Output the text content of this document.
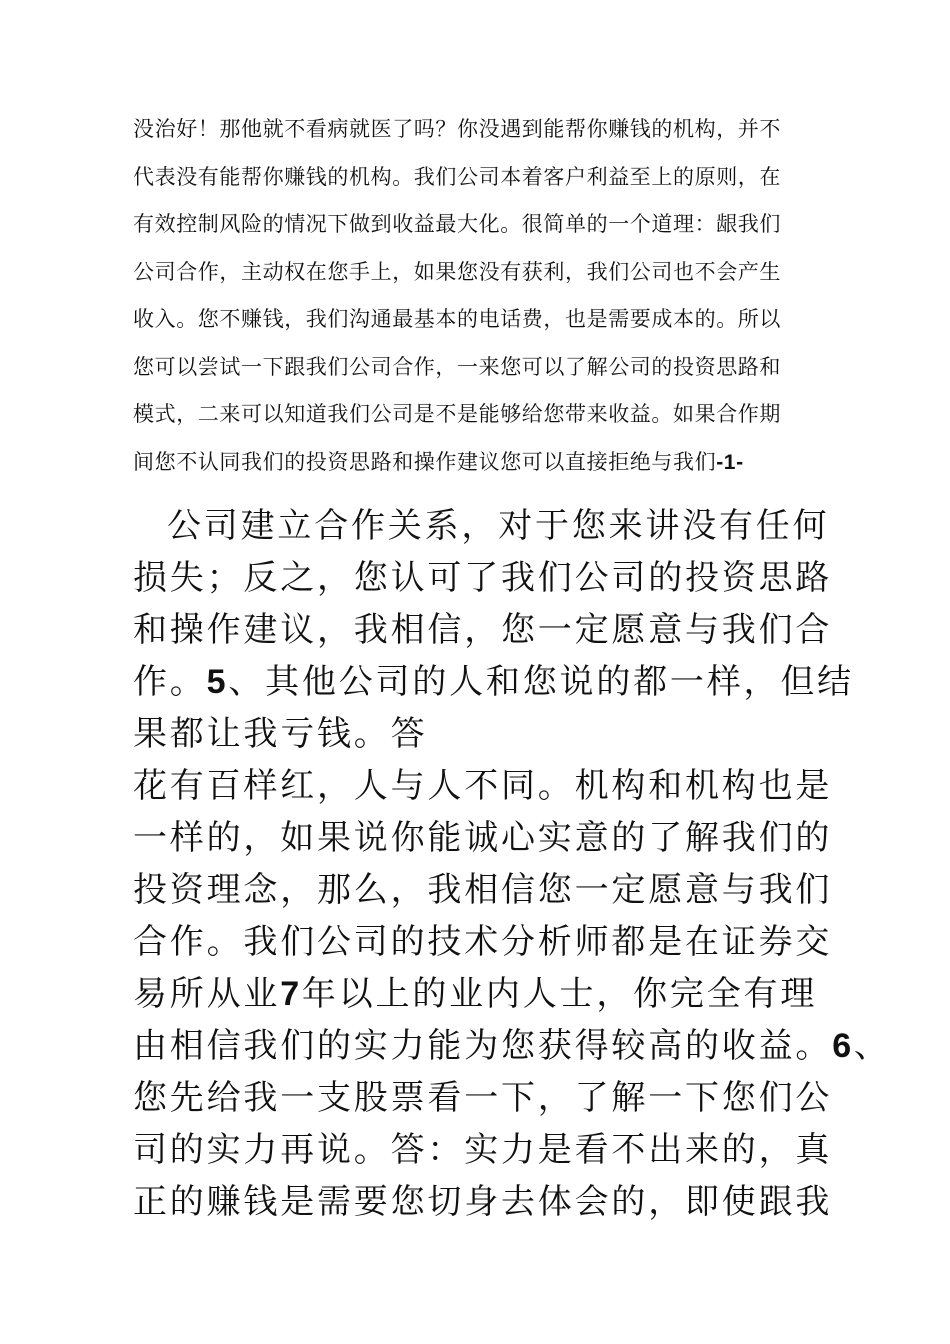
没治好！那他就不看病就医了吗？你没遇到能帮你赚钱的机构，并不
代表没有能帮你赚钱的机构。我们公司本着客户利益至上的原则，在
有效控制风险的情况下做到收益最大化。很简单的一个道理：龈我们
公司合作，主动权在您手上，如果您没有获利，我们公司也不会产生
收入。您不赚钱，我们沟通最基本的电话费，也是需要成本的。所以
您可以尝试一下跟我们公司合作，一来您可以了解公司的投资思路和
模式，二来可以知道我们公司是不是能够给您带来收益。如果合作期
间您不认同我们的投资思路和操作建议您可以直接拒绝与我们-1-
公司建立合作关系，对于您来讲没有任何
损失；反之，您认可了我们公司的投资思路
和操作建议，我相信，您一定愿意与我们合
作。5、其他公司的人和您说的都一样，但结
果都让我亏钱。答
花有百样红，人与人不同。机构和机构也是
一样的，如果说你能诚心实意的了解我们的
投资理念，那么，我相信您一定愿意与我们
合作。我们公司的技术分析师都是在证券交
易所从业7年以上的业内人士，你完全有理
由相信我们的实力能为您获得较高的收益。6、
您先给我一支股票看一下，了解一下您们公
司的实力再说。答：实力是看不出来的，真
正的赚钱是需要您切身去体会的，即使跟我
